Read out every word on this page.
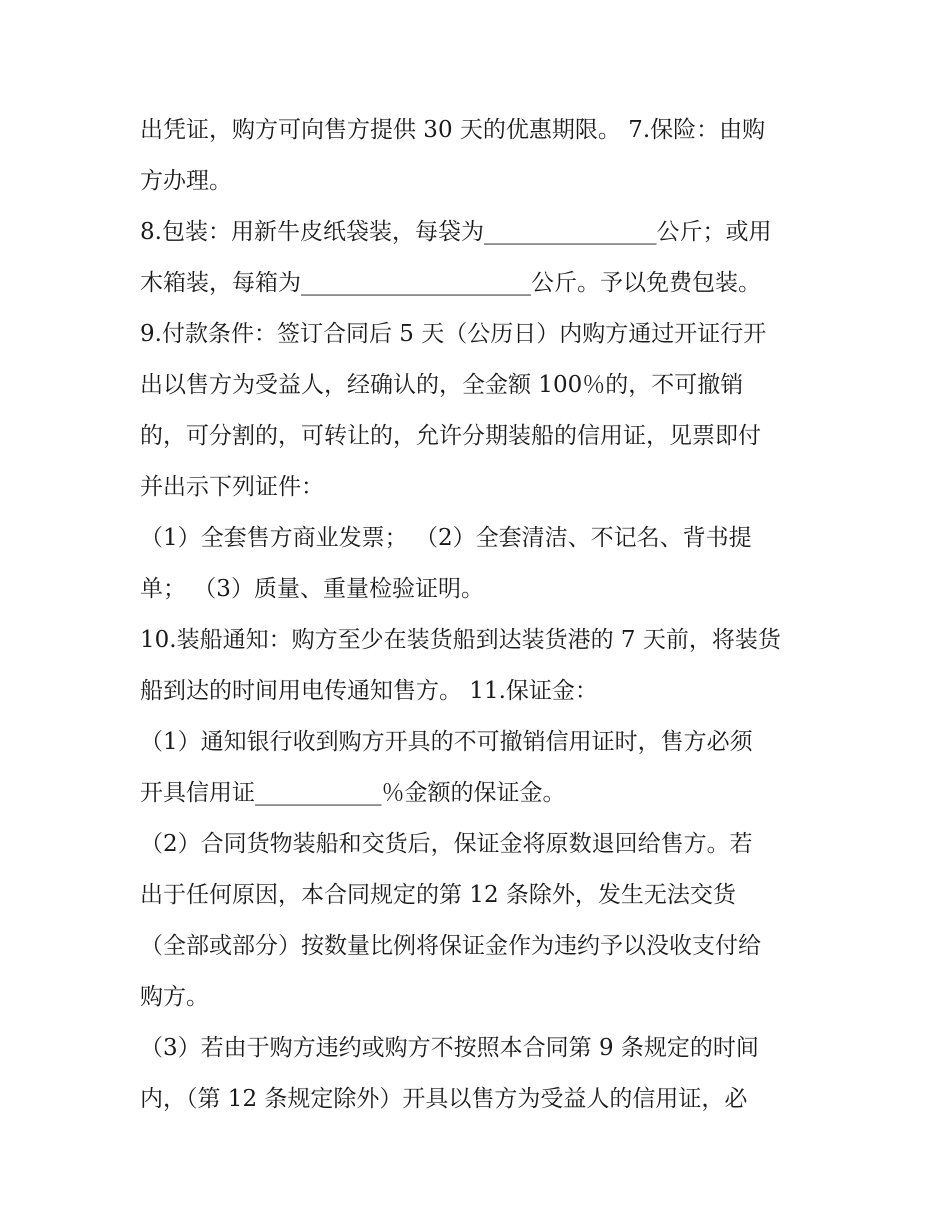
出凭证，购方可向售方提供 30 天的优惠期限。 7.保险：由购
方办理。
8.包装：用新牛皮纸袋装，每袋为_______________公斤；或用
木箱装，每箱为____________________公斤。予以免费包装。
9.付款条件：签订合同后 5 天（公历日）内购方通过开证行开
出以售方为受益人，经确认的，全金额 100％的，不可撤销
的，可分割的，可转让的，允许分期装船的信用证，见票即付
并出示下列证件：
（1）全套售方商业发票； （2）全套清洁、不记名、背书提
单； （3）质量、重量检验证明。
10.装船通知：购方至少在装货船到达装货港的 7 天前，将装货
船到达的时间用电传通知售方。 11.保证金：
（1）通知银行收到购方开具的不可撤销信用证时，售方必须
开具信用证___________％金额的保证金。
（2）合同货物装船和交货后，保证金将原数退回给售方。若
出于任何原因，本合同规定的第 12 条除外，发生无法交货
（全部或部分）按数量比例将保证金作为违约予以没收支付给
购方。
（3）若由于购方违约或购方不按照本合同第 9 条规定的时间
内，（第 12 条规定除外）开具以售方为受益人的信用证，必
